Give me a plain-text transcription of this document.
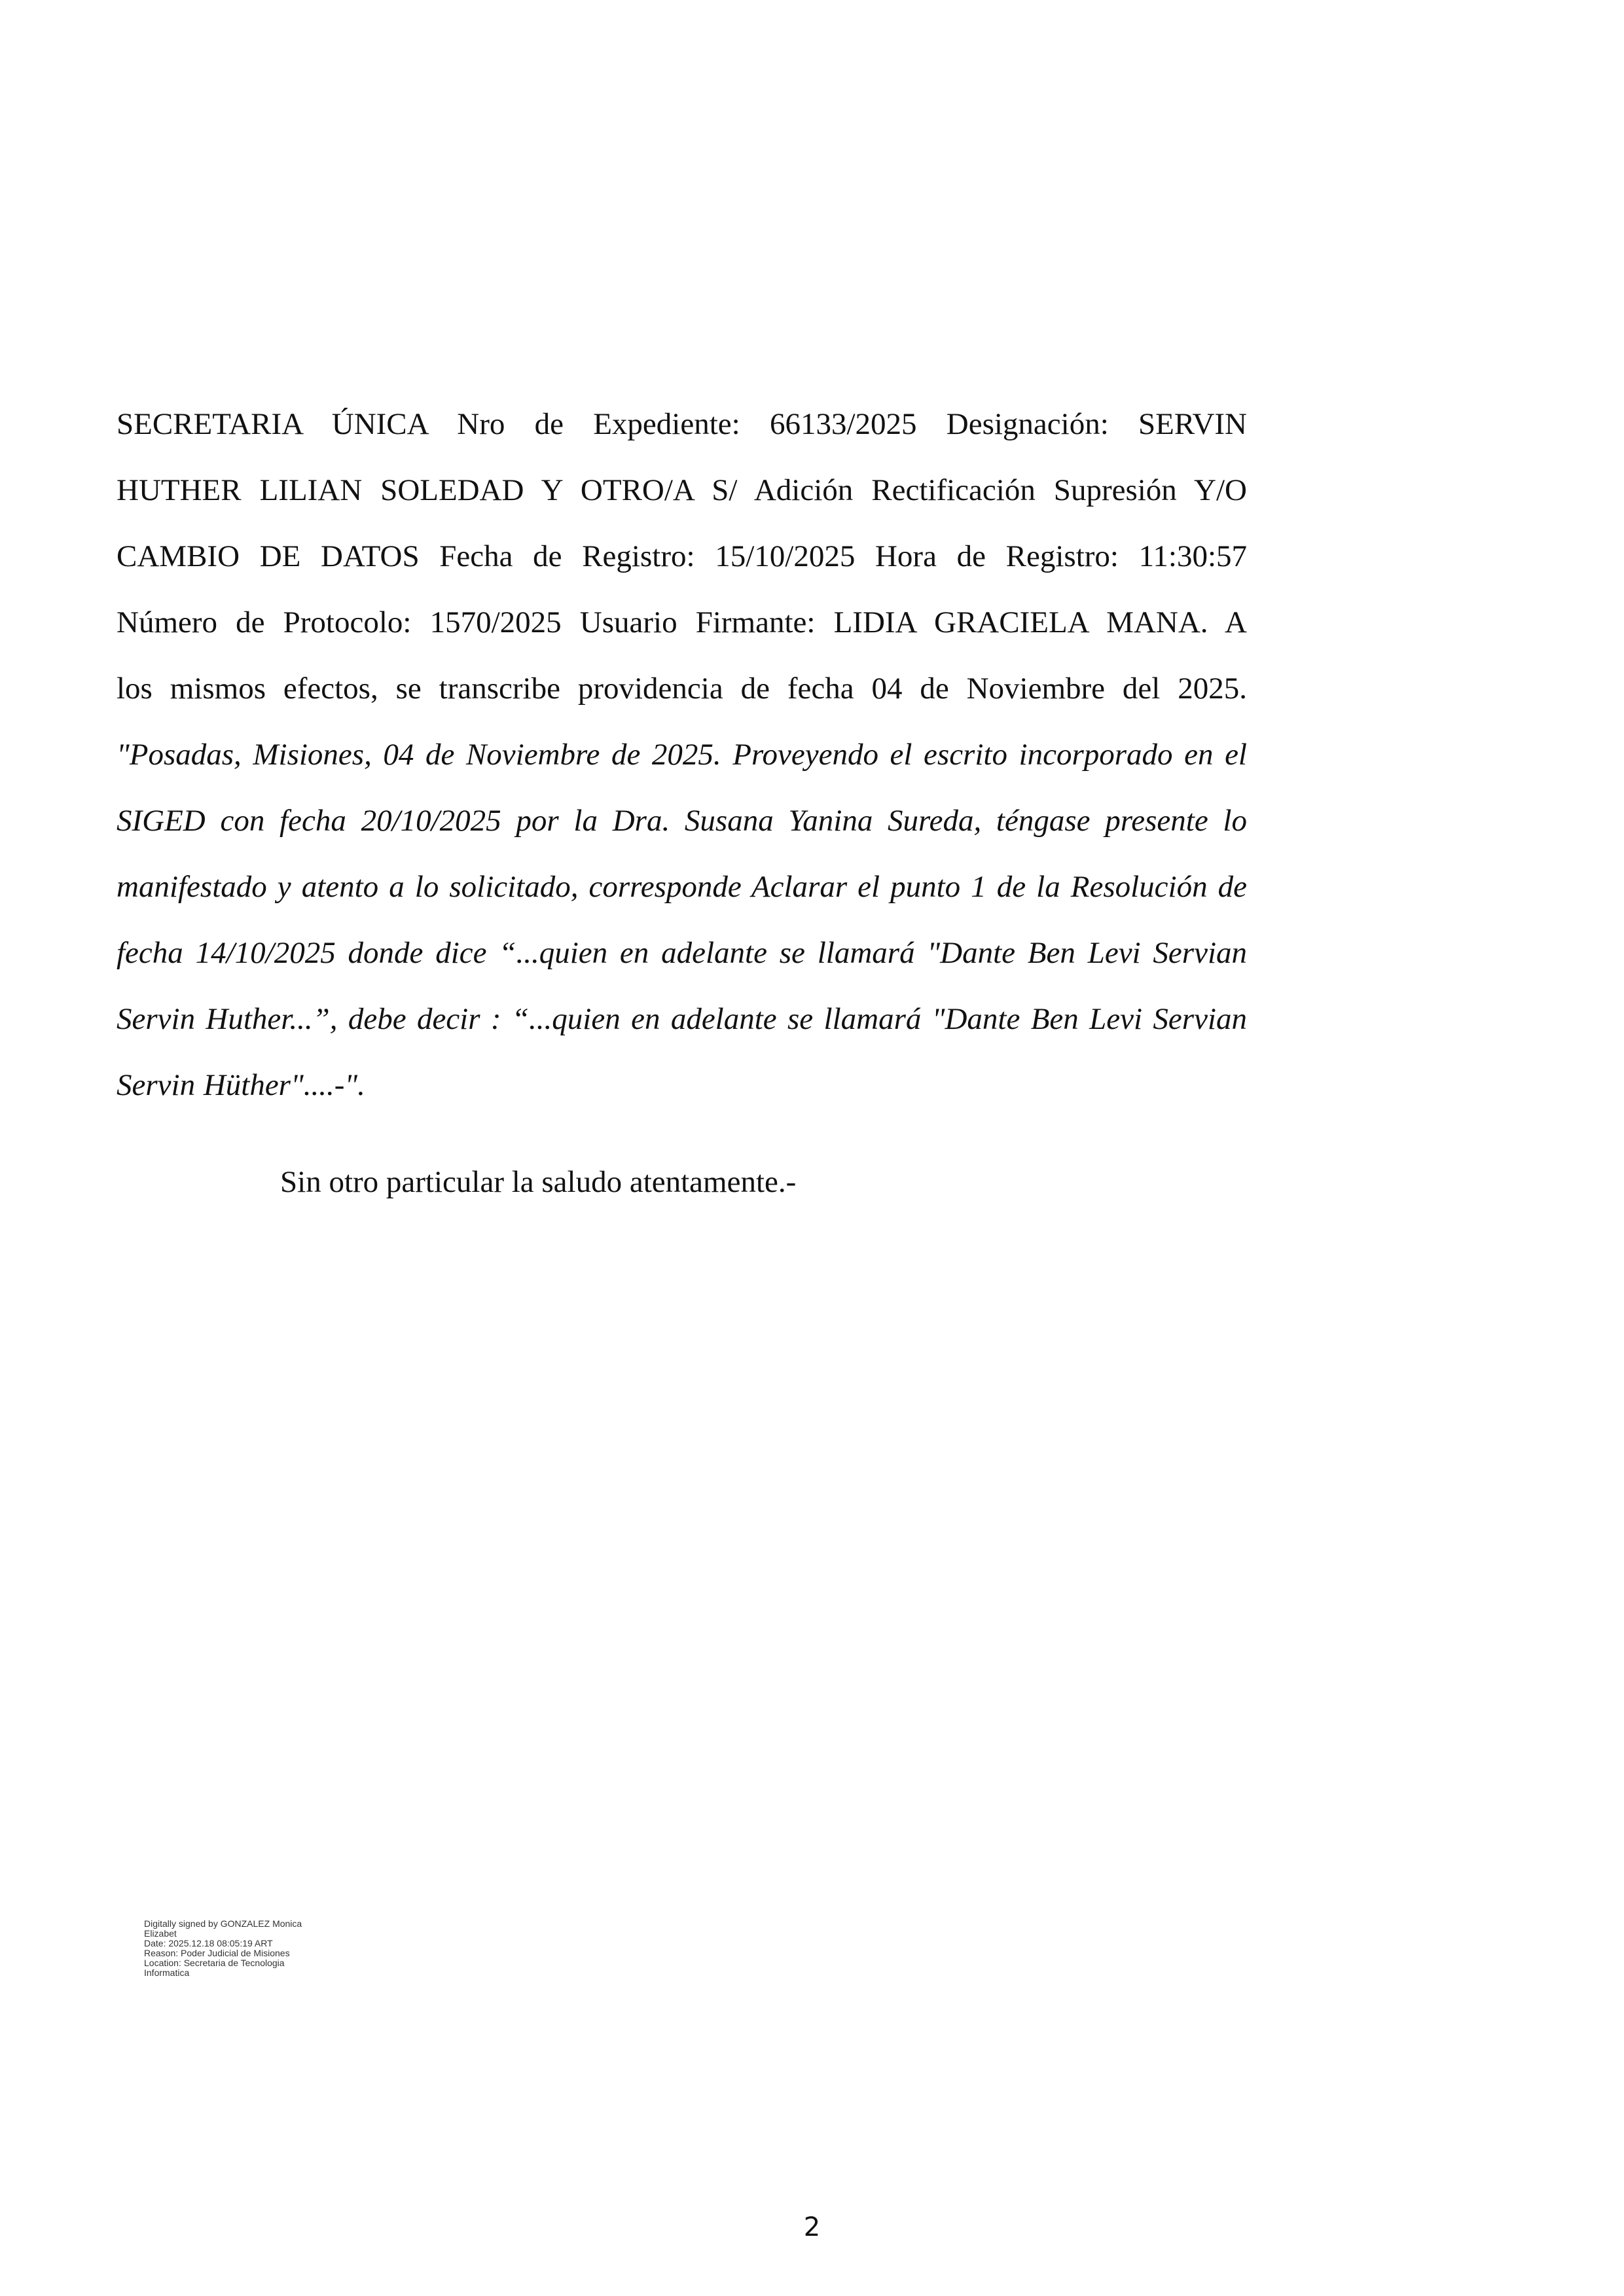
SECRETARIA ÚNICA Nro de Expediente: 66133/2025 Designación: SERVIN
HUTHER LILIAN SOLEDAD Y OTRO/A S/ Adición Rectificación Supresión Y/O
CAMBIO DE DATOS Fecha de Registro: 15/10/2025 Hora de Registro: 11:30:57
Número de Protocolo: 1570/2025 Usuario Firmante: LIDIA GRACIELA MANA. A
los mismos efectos, se transcribe providencia de fecha 04 de Noviembre del 2025.
"Posadas, Misiones, 04 de Noviembre de 2025. Proveyendo el escrito incorporado en el
SIGED con fecha 20/10/2025 por la Dra. Susana Yanina Sureda, téngase presente lo
manifestado y atento a lo solicitado, corresponde Aclarar el punto 1 de la Resolución de
fecha 14/10/2025 donde dice “...quien en adelante se llamará "Dante Ben Levi Servian
Servin Huther...”, debe decir : “...quien en adelante se llamará "Dante Ben Levi Servian
Servin Hüther"....-".

Sin otro particular la saludo atentamente.-

Digitally signed by GONZALEZ Monica
Elizabet
Date: 2025.12.18 08:05:19 ART
Reason: Poder Judicial de Misiones
Location: Secretaria de Tecnologia
Informatica
2
